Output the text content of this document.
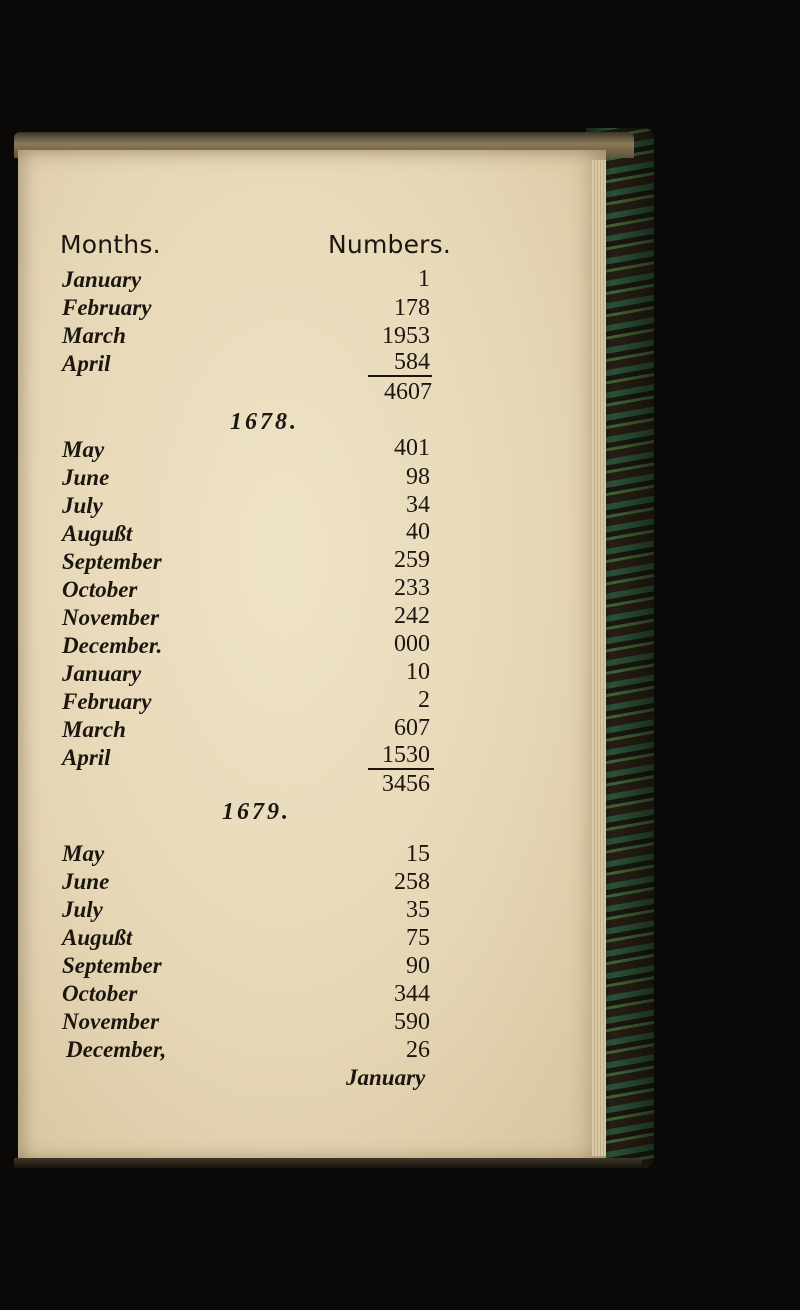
Months.	Numbers.
January	1
February	178
March	1953
April	584
4607
1678.
May	401
June	98
July	34
Augußt	40
September	259
October	233
November	242
December.	000
January	10
February	2
March	607
April	1530
3456
1679.
May	15
June	258
July	35
Augußt	75
September	90
October	344
November	590
December,	26
January
